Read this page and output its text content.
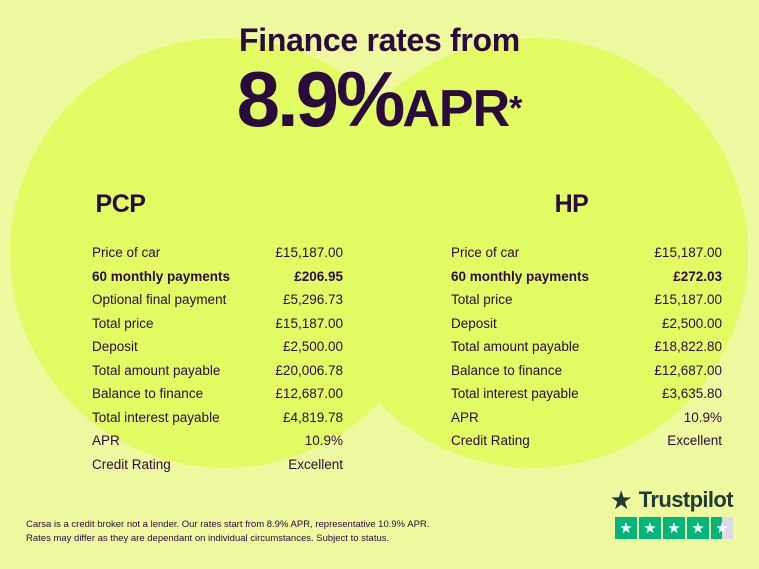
Finance rates from
8.9%APR*
PCP
Price of car	£15,187.00
60 monthly payments	£206.95
Optional final payment	£5,296.73
Total price	£15,187.00
Deposit	£2,500.00
Total amount payable	£20,006.78
Balance to finance	£12,687.00
Total interest payable	£4,819.78
APR	10.9%
Credit Rating	Excellent
HP
Price of car	£15,187.00
60 monthly payments	£272.03
Total price	£15,187.00
Deposit	£2,500.00
Total amount payable	£18,822.80
Balance to finance	£12,687.00
Total interest payable	£3,635.80
APR	10.9%
Credit Rating	Excellent
Carsa is a credit broker not a lender. Our rates start from 8.9% APR, representative 10.9% APR. Rates may differ as they are dependant on individual circumstances. Subject to status.
★ Trustpilot
★ ★ ★ ★ ★
